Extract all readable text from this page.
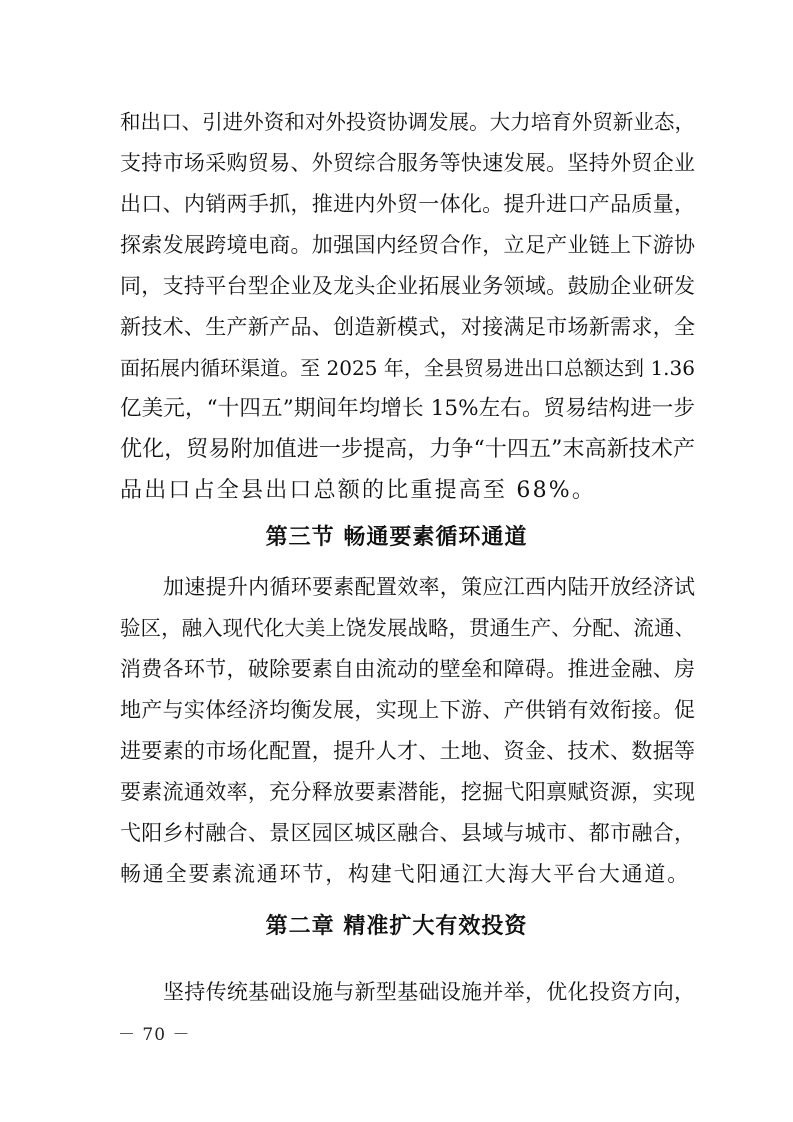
和出口、引进外资和对外投资协调发展。大力培育外贸新业态，
支持市场采购贸易、外贸综合服务等快速发展。坚持外贸企业
出口、内销两手抓，推进内外贸一体化。提升进口产品质量，
探索发展跨境电商。加强国内经贸合作，立足产业链上下游协
同，支持平台型企业及龙头企业拓展业务领域。鼓励企业研发
新技术、生产新产品、创造新模式，对接满足市场新需求，全
面拓展内循环渠道。至 2025 年，全县贸易进出口总额达到 1.36
亿美元，“十四五”期间年均增长 15%左右。贸易结构进一步
优化，贸易附加值进一步提高，力争“十四五”末高新技术产
品出口占全县出口总额的比重提高至 68%。
第三节 畅通要素循环通道
加速提升内循环要素配置效率，策应江西内陆开放经济试
验区，融入现代化大美上饶发展战略，贯通生产、分配、流通、
消费各环节，破除要素自由流动的壁垒和障碍。推进金融、房
地产与实体经济均衡发展，实现上下游、产供销有效衔接。促
进要素的市场化配置，提升人才、土地、资金、技术、数据等
要素流通效率，充分释放要素潜能，挖掘弋阳禀赋资源，实现
弋阳乡村融合、景区园区城区融合、县域与城市、都市融合，
畅通全要素流通环节，构建弋阳通江大海大平台大通道。
第二章 精准扩大有效投资
坚持传统基础设施与新型基础设施并举，优化投资方向，
－ 70 －
